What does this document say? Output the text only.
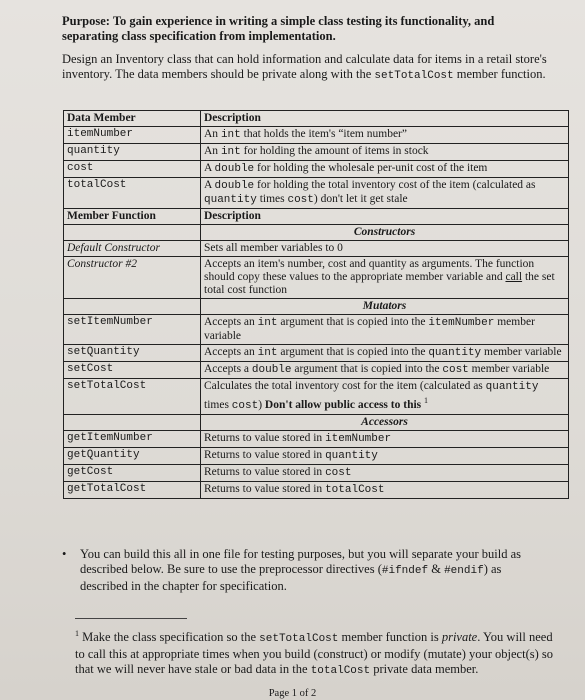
Purpose: To gain experience in writing a simple class testing its functionality, and separating class specification from implementation.
Design an Inventory class that can hold information and calculate data for items in a retail store's inventory. The data members should be private along with the setTotalCost member function.
Data Member	Description
itemNumber	An int that holds the item's “item number”
quantity	An int for holding the amount of items in stock
cost	A double for holding the wholesale per-unit cost of the item
totalCost	A double for holding the total inventory cost of the item (calculated as quantity times cost) don't let it get stale
Member Function	Description
	Constructors
Default Constructor	Sets all member variables to 0
Constructor #2	Accepts an item's number, cost and quantity as arguments. The function should copy these values to the appropriate member variable and call the set total cost function
	Mutators
setItemNumber	Accepts an int argument that is copied into the itemNumber member variable
setQuantity	Accepts an int argument that is copied into the quantity member variable
setCost	Accepts a double argument that is copied into the cost member variable
setTotalCost	Calculates the total inventory cost for the item (calculated as quantity times cost) Don't allow public access to this $^1$
	Accessors
getItemNumber	Returns to value stored in itemNumber
getQuantity	Returns to value stored in quantity
getCost	Returns to value stored in cost
getTotalCost	Returns to value stored in totalCost
• You can build this all in one file for testing purposes, but you will separate your build as described below. Be sure to use the preprocessor directives (#ifndef & #endif) as described in the chapter for specification.
$^1$ Make the class specification so the setTotalCost member function is private. You will need to call this at appropriate times when you build (construct) or modify (mutate) your object(s) so that we will never have stale or bad data in the totalCost private data member.
Page 1 of 2
